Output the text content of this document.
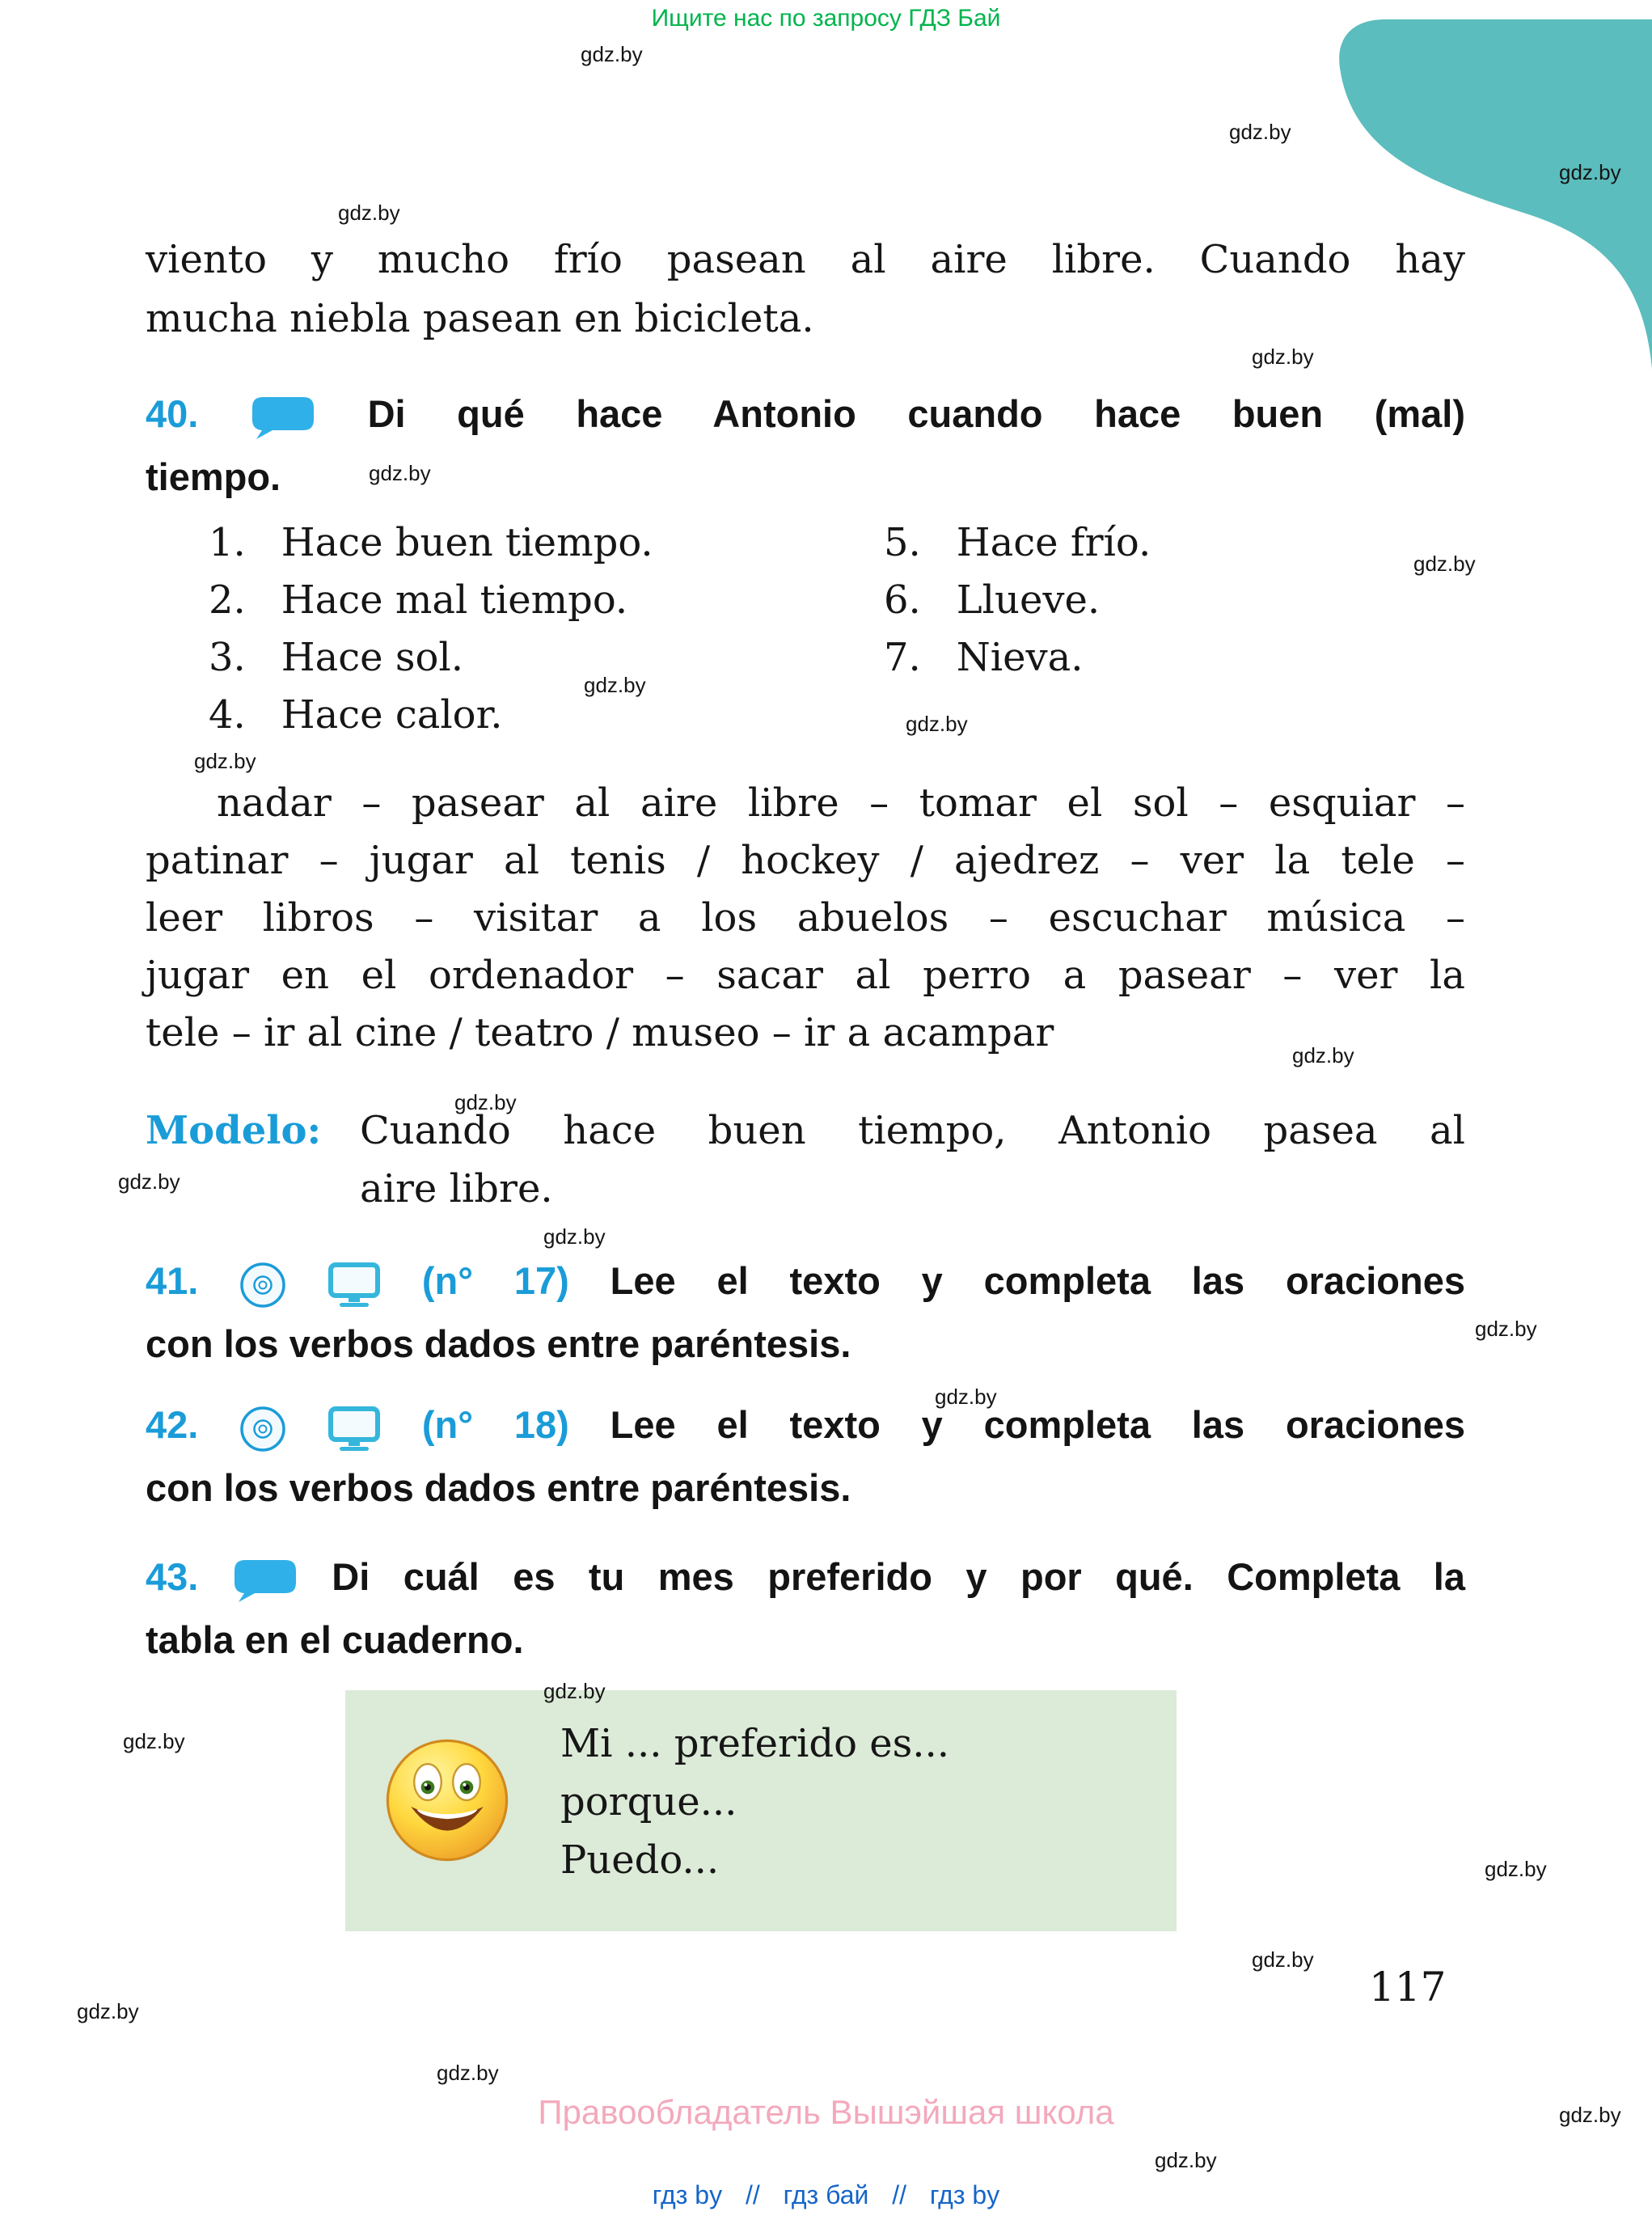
Ищите нас по запросу ГДЗ Бай
gdz.by
gdz.by
gdz.by
gdz.by
gdz.by
gdz.by
gdz.by
gdz.by
gdz.by
gdz.by
gdz.by
gdz.by
gdz.by
gdz.by
gdz.by
gdz.by
gdz.by
gdz.by
gdz.by
gdz.by
gdz.by
gdz.by
gdz.by
gdz.by
viento y mucho frío pasean al aire libre. Cuando hay
mucha niebla pasean en bicicleta.
40.	Di qué hace Antonio cuando hace buen (mal)
tiempo.
1. Hace buen tiempo.
2. Hace mal tiempo.
3. Hace sol.
4. Hace calor.
5. Hace frío.
6. Llueve.
7. Nieva.
nadar – pasear al aire libre – tomar el sol – esquiar –
patinar – jugar al tenis / hockey / ajedrez – ver la tele –
leer libros – visitar a los abuelos – escuchar música –
jugar en el ordenador – sacar al perro a pasear – ver la
tele – ir al cine / teatro / museo – ir a acampar
Modelo: Cuando hace buen tiempo, Antonio pasea al
aire libre.
41.	(n° 17) Lee el texto y completa las oraciones
con los verbos dados entre paréntesis.
42.	(n° 18) Lee el texto y completa las oraciones
con los verbos dados entre paréntesis.
43.	Di cuál es tu mes preferido y por qué. Completa la
tabla en el cuaderno.
Mi ... preferido es...
porque...
Puedo...
117
Правообладатель Вышэйшая школа
гдз by // гдз бай // гдз by
